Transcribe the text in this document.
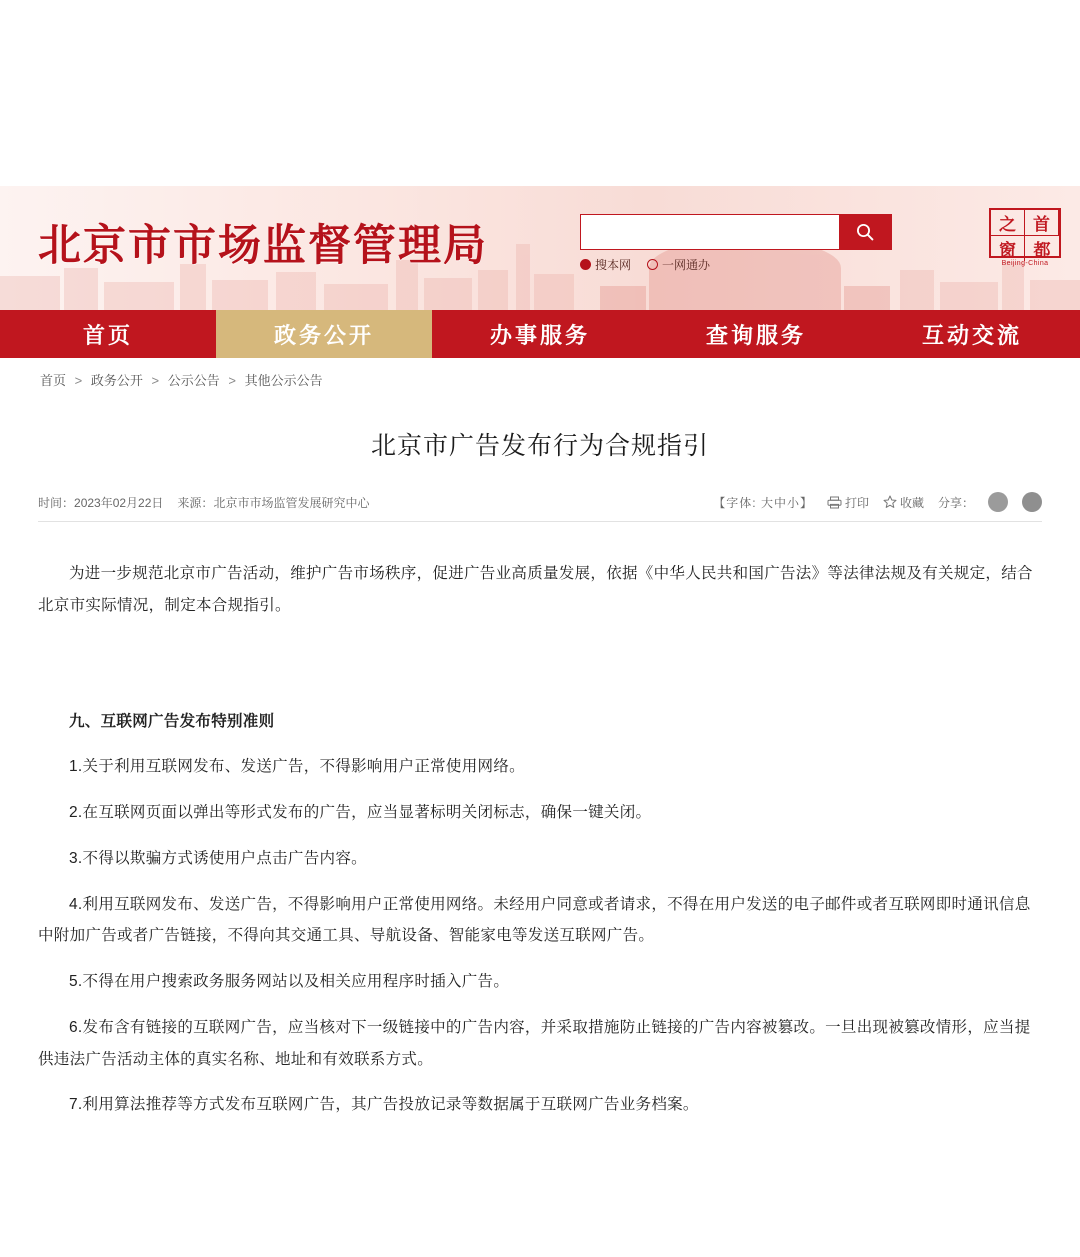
北京市市场监督管理局	搜本网	一网通办
之	首
窗	都
Beijing-China
首页	政务公开	办事服务	查询服务	互动交流
首页 > 政务公开 > 公示公告 > 其他公示公告
北京市广告发布行为合规指引
时间：2023年02月22日 来源：北京市市场监管发展研究中心	【字体: 大中小】	打印	收藏 分享：

为进一步规范北京市广告活动，维护广告市场秩序，促进广告业高质量发展，依据《中华人民共和国广告法》等法律法规及有关规定，结合北京市实际情况，制定本合规指引。

九、互联网广告发布特别准则

1.关于利用互联网发布、发送广告，不得影响用户正常使用网络。

2.在互联网页面以弹出等形式发布的广告，应当显著标明关闭标志，确保一键关闭。

3.不得以欺骗方式诱使用户点击广告内容。

4.利用互联网发布、发送广告，不得影响用户正常使用网络。未经用户同意或者请求，不得在用户发送的电子邮件或者互联网即时通讯信息中附加广告或者广告链接，不得向其交通工具、导航设备、智能家电等发送互联网广告。

5.不得在用户搜索政务服务网站以及相关应用程序时插入广告。

6.发布含有链接的互联网广告，应当核对下一级链接中的广告内容，并采取措施防止链接的广告内容被篡改。一旦出现被篡改情形，应当提供违法广告活动主体的真实名称、地址和有效联系方式。

7.利用算法推荐等方式发布互联网广告，其广告投放记录等数据属于互联网广告业务档案。
